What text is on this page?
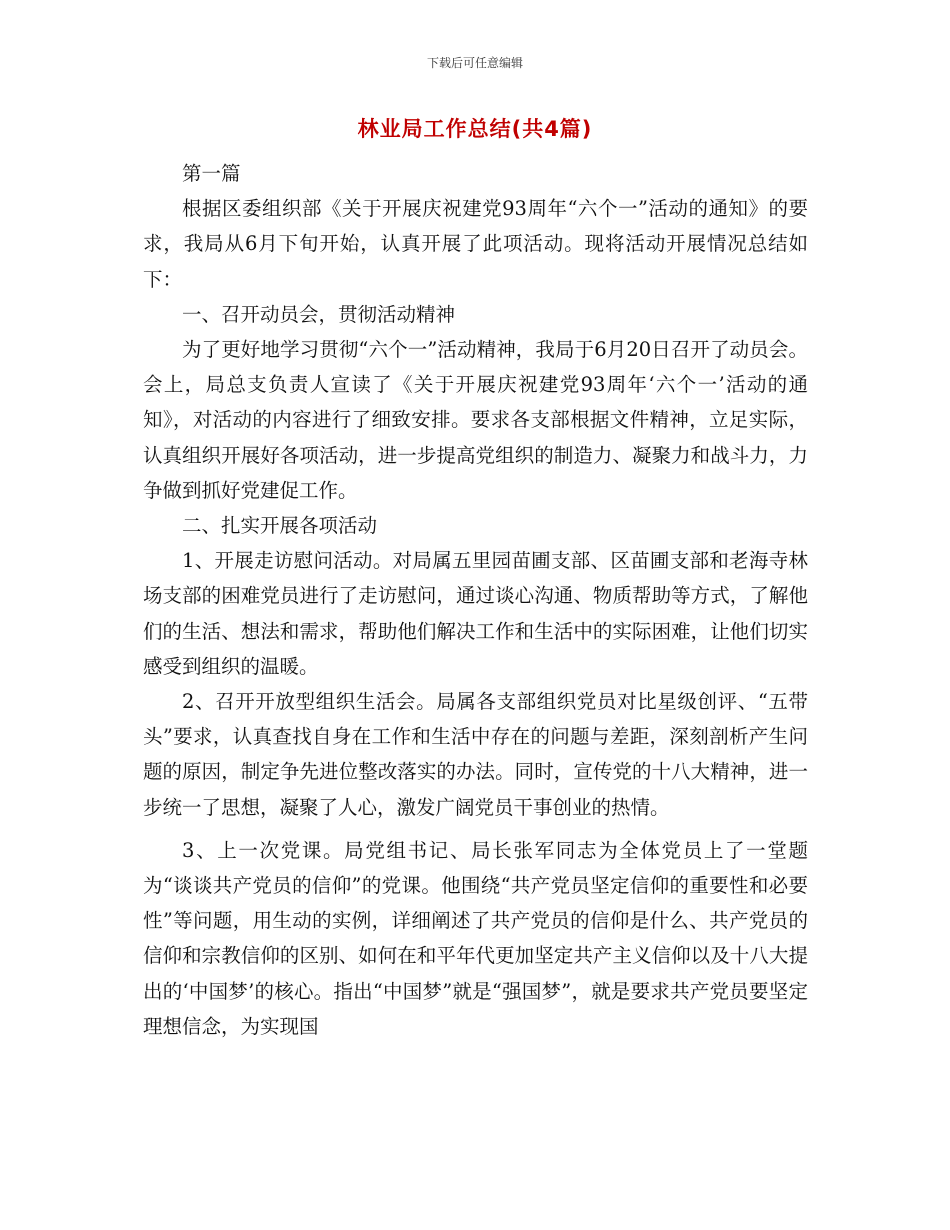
下载后可任意编辑
林业局工作总结(共4篇)

第一篇

根据区委组织部《关于开展庆祝建党93周年“六个一”活动的通知》的要求，我局从6月下旬开始，认真开展了此项活动。现将活动开展情况总结如下：

一、召开动员会，贯彻活动精神

为了更好地学习贯彻“六个一”活动精神，我局于6月20日召开了动员会。会上，局总支负责人宣读了《关于开展庆祝建党93周年‘六个一’活动的通知》，对活动的内容进行了细致安排。要求各支部根据文件精神，立足实际，认真组织开展好各项活动，进一步提高党组织的制造力、凝聚力和战斗力，力争做到抓好党建促工作。

二、扎实开展各项活动

1、开展走访慰问活动。对局属五里园苗圃支部、区苗圃支部和老海寺林场支部的困难党员进行了走访慰问，通过谈心沟通、物质帮助等方式，了解他们的生活、想法和需求，帮助他们解决工作和生活中的实际困难，让他们切实感受到组织的温暖。

2、召开开放型组织生活会。局属各支部组织党员对比星级创评、“五带头”要求，认真查找自身在工作和生活中存在的问题与差距，深刻剖析产生问题的原因，制定争先进位整改落实的办法。同时，宣传党的十八大精神，进一步统一了思想，凝聚了人心，激发广阔党员干事创业的热情。

3、上一次党课。局党组书记、局长张军同志为全体党员上了一堂题为“谈谈共产党员的信仰”的党课。他围绕“共产党员坚定信仰的重要性和必要性”等问题，用生动的实例，详细阐述了共产党员的信仰是什么、共产党员的信仰和宗教信仰的区别、如何在和平年代更加坚定共产主义信仰以及十八大提出的‘中国梦’的核心。指出“中国梦”就是“强国梦”，就是要求共产党员要坚定理想信念，为实现国
